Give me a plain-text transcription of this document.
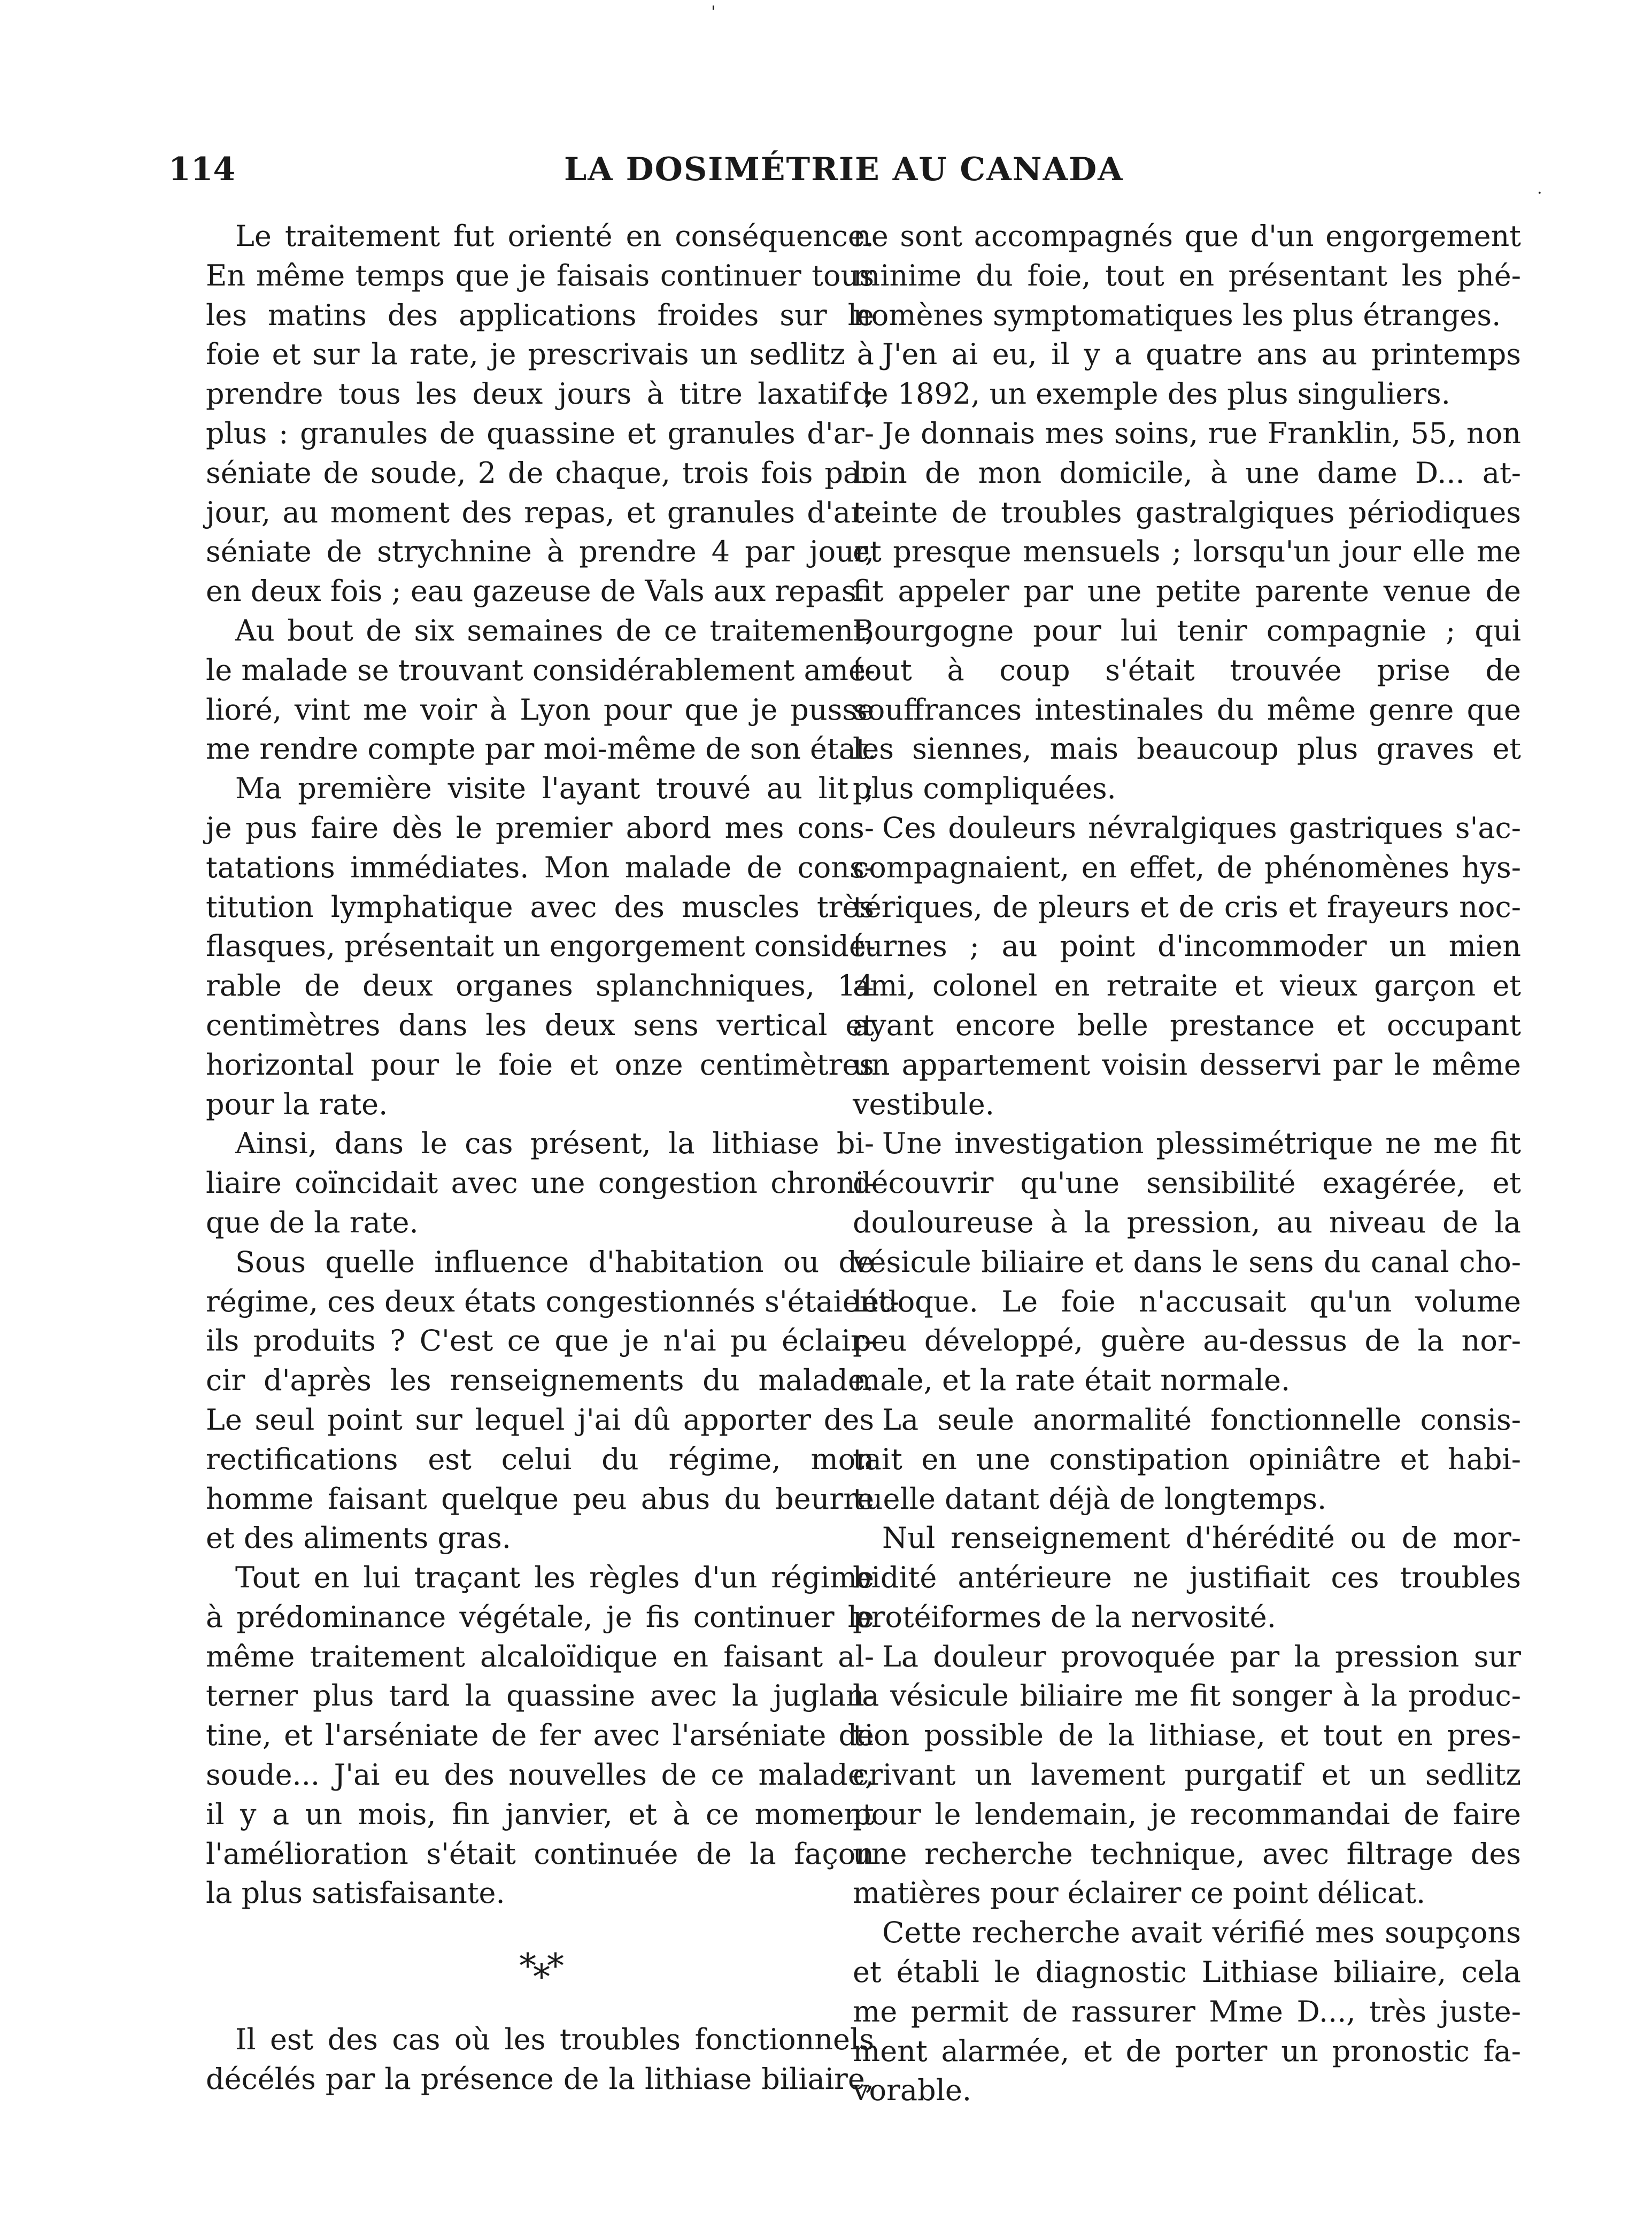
'
.
114	LA DOSIMÉTRIE AU CANADA
Le traitement fut orienté en conséquence.
En même temps que je faisais continuer tous
les matins des applications froides sur le
foie et sur la rate, je prescrivais un sedlitz à
prendre tous les deux jours à titre laxatif ;
plus : granules de quassine et granules d'ar-
séniate de soude, 2 de chaque, trois fois par
jour, au moment des repas, et granules d'ar-
séniate de strychnine à prendre 4 par jour,
en deux fois ; eau gazeuse de Vals aux repas.
Au bout de six semaines de ce traitement,
le malade se trouvant considérablement amé-
lioré, vint me voir à Lyon pour que je pusse
me rendre compte par moi-même de son état.
Ma première visite l'ayant trouvé au lit ;
je pus faire dès le premier abord mes cons-
tatations immédiates. Mon malade de cons-
titution lymphatique avec des muscles très
flasques, présentait un engorgement considé-
rable de deux organes splanchniques, 14
centimètres dans les deux sens vertical et
horizontal pour le foie et onze centimètres
pour la rate.
Ainsi, dans le cas présent, la lithiase bi-
liaire coïncidait avec une congestion chroni-
que de la rate.
Sous quelle influence d'habitation ou de
régime, ces deux états congestionnés s'étaient-
ils produits ? C'est ce que je n'ai pu éclair-
cir d'après les renseignements du malade.
Le seul point sur lequel j'ai dû apporter des
rectifications est celui du régime, mon
homme faisant quelque peu abus du beurre
et des aliments gras.
Tout en lui traçant les règles d'un régime
à prédominance végétale, je fis continuer le
même traitement alcaloïdique en faisant al-
terner plus tard la quassine avec la juglan-
tine, et l'arséniate de fer avec l'arséniate de
soude... J'ai eu des nouvelles de ce malade,
il y a un mois, fin janvier, et à ce moment
l'amélioration s'était continuée de la façon
la plus satisfaisante.
*⁎*
Il est des cas où les troubles fonctionnels
décélés par la présence de la lithiase biliaire,
ne sont accompagnés que d'un engorgement
minime du foie, tout en présentant les phé-
nomènes symptomatiques les plus étranges.
J'en ai eu, il y a quatre ans au printemps
de 1892, un exemple des plus singuliers.
Je donnais mes soins, rue Franklin, 55, non
loin de mon domicile, à une dame D... at-
teinte de troubles gastralgiques périodiques
et presque mensuels ; lorsqu'un jour elle me
fit appeler par une petite parente venue de
Bourgogne pour lui tenir compagnie ; qui
tout à coup s'était trouvée prise de
souffrances intestinales du même genre que
les siennes, mais beaucoup plus graves et
plus compliquées.
Ces douleurs névralgiques gastriques s'ac-
compagnaient, en effet, de phénomènes hys-
tériques, de pleurs et de cris et frayeurs noc-
turnes ; au point d'incommoder un mien
ami, colonel en retraite et vieux garçon et
ayant encore belle prestance et occupant
un appartement voisin desservi par le même
vestibule.
Une investigation plessimétrique ne me fit
découvrir qu'une sensibilité exagérée, et
douloureuse à la pression, au niveau de la
vésicule biliaire et dans le sens du canal cho-
lédoque. Le foie n'accusait qu'un volume
peu développé, guère au-dessus de la nor-
male, et la rate était normale.
La seule anormalité fonctionnelle consis-
tait en une constipation opiniâtre et habi-
tuelle datant déjà de longtemps.
Nul renseignement d'hérédité ou de mor-
bidité antérieure ne justifiait ces troubles
protéiformes de la nervosité.
La douleur provoquée par la pression sur
la vésicule biliaire me fit songer à la produc-
tion possible de la lithiase, et tout en pres-
crivant un lavement purgatif et un sedlitz
pour le lendemain, je recommandai de faire
une recherche technique, avec filtrage des
matières pour éclairer ce point délicat.
Cette recherche avait vérifié mes soupçons
et établi le diagnostic Lithiase biliaire, cela
me permit de rassurer Mme D..., très juste-
ment alarmée, et de porter un pronostic fa-
vorable.
